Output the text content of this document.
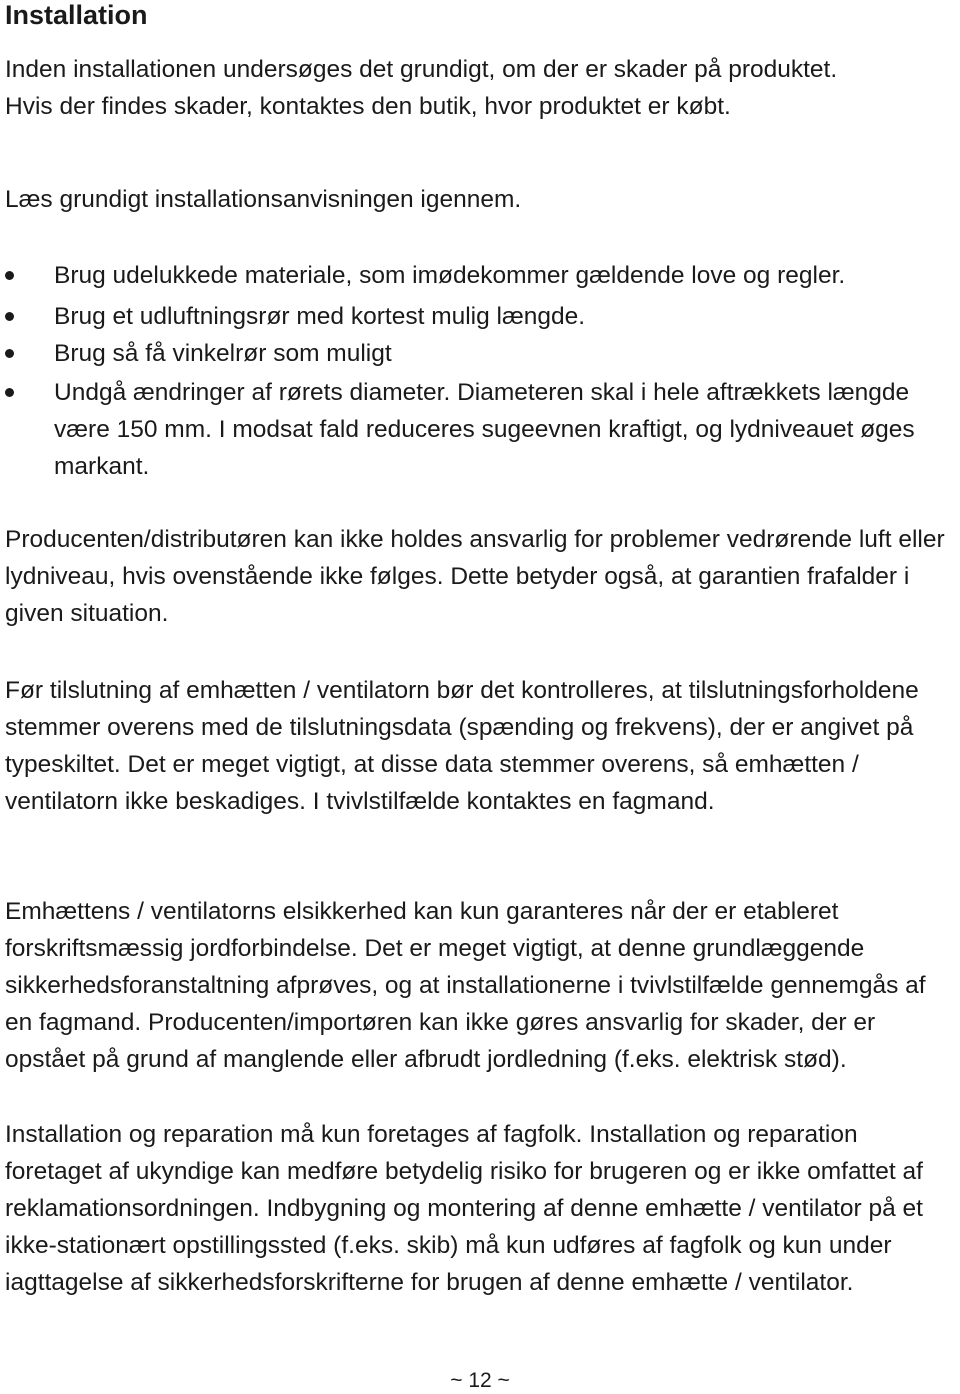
Installation

Inden installationen undersøges det grundigt, om der er skader på produktet.
Hvis der findes skader, kontaktes den butik, hvor produktet er købt.

Læs grundigt installationsanvisningen igennem.

Brug udelukkede materiale, som imødekommer gældende love og regler.
Brug et udluftningsrør med kortest mulig længde.
Brug så få vinkelrør som muligt
Undgå ændringer af rørets diameter. Diameteren skal i hele aftrækkets længde være 150 mm. I modsat fald reduceres sugeevnen kraftigt, og lydniveauet øges markant.

Producenten/distributøren kan ikke holdes ansvarlig for problemer vedrørende luft eller lydniveau, hvis ovenstående ikke følges. Dette betyder også, at garantien frafalder i given situation.

Før tilslutning af emhætten / ventilatorn bør det kontrolleres, at tilslutningsforholdene stemmer overens med de tilslutningsdata (spænding og frekvens), der er angivet på typeskiltet. Det er meget vigtigt, at disse data stemmer overens, så emhætten / ventilatorn ikke beskadiges. I tvivlstilfælde kontaktes en fagmand.

Emhættens / ventilatorns elsikkerhed kan kun garanteres når der er etableret forskriftsmæssig jordforbindelse. Det er meget vigtigt, at denne grundlæggende sikkerhedsforanstaltning afprøves, og at installationerne i tvivlstilfælde gennemgås af en fagmand. Producenten/importøren kan ikke gøres ansvarlig for skader, der er opstået på grund af manglende eller afbrudt jordledning (f.eks. elektrisk stød).

Installation og reparation må kun foretages af fagfolk. Installation og reparation foretaget af ukyndige kan medføre betydelig risiko for brugeren og er ikke omfattet af reklamationsordningen. Indbygning og montering af denne emhætte / ventilator på et ikke-stationært opstillingssted (f.eks. skib) må kun udføres af fagfolk og kun under iagttagelse af sikkerhedsforskrifterne for brugen af denne emhætte / ventilator.

~ 12 ~
